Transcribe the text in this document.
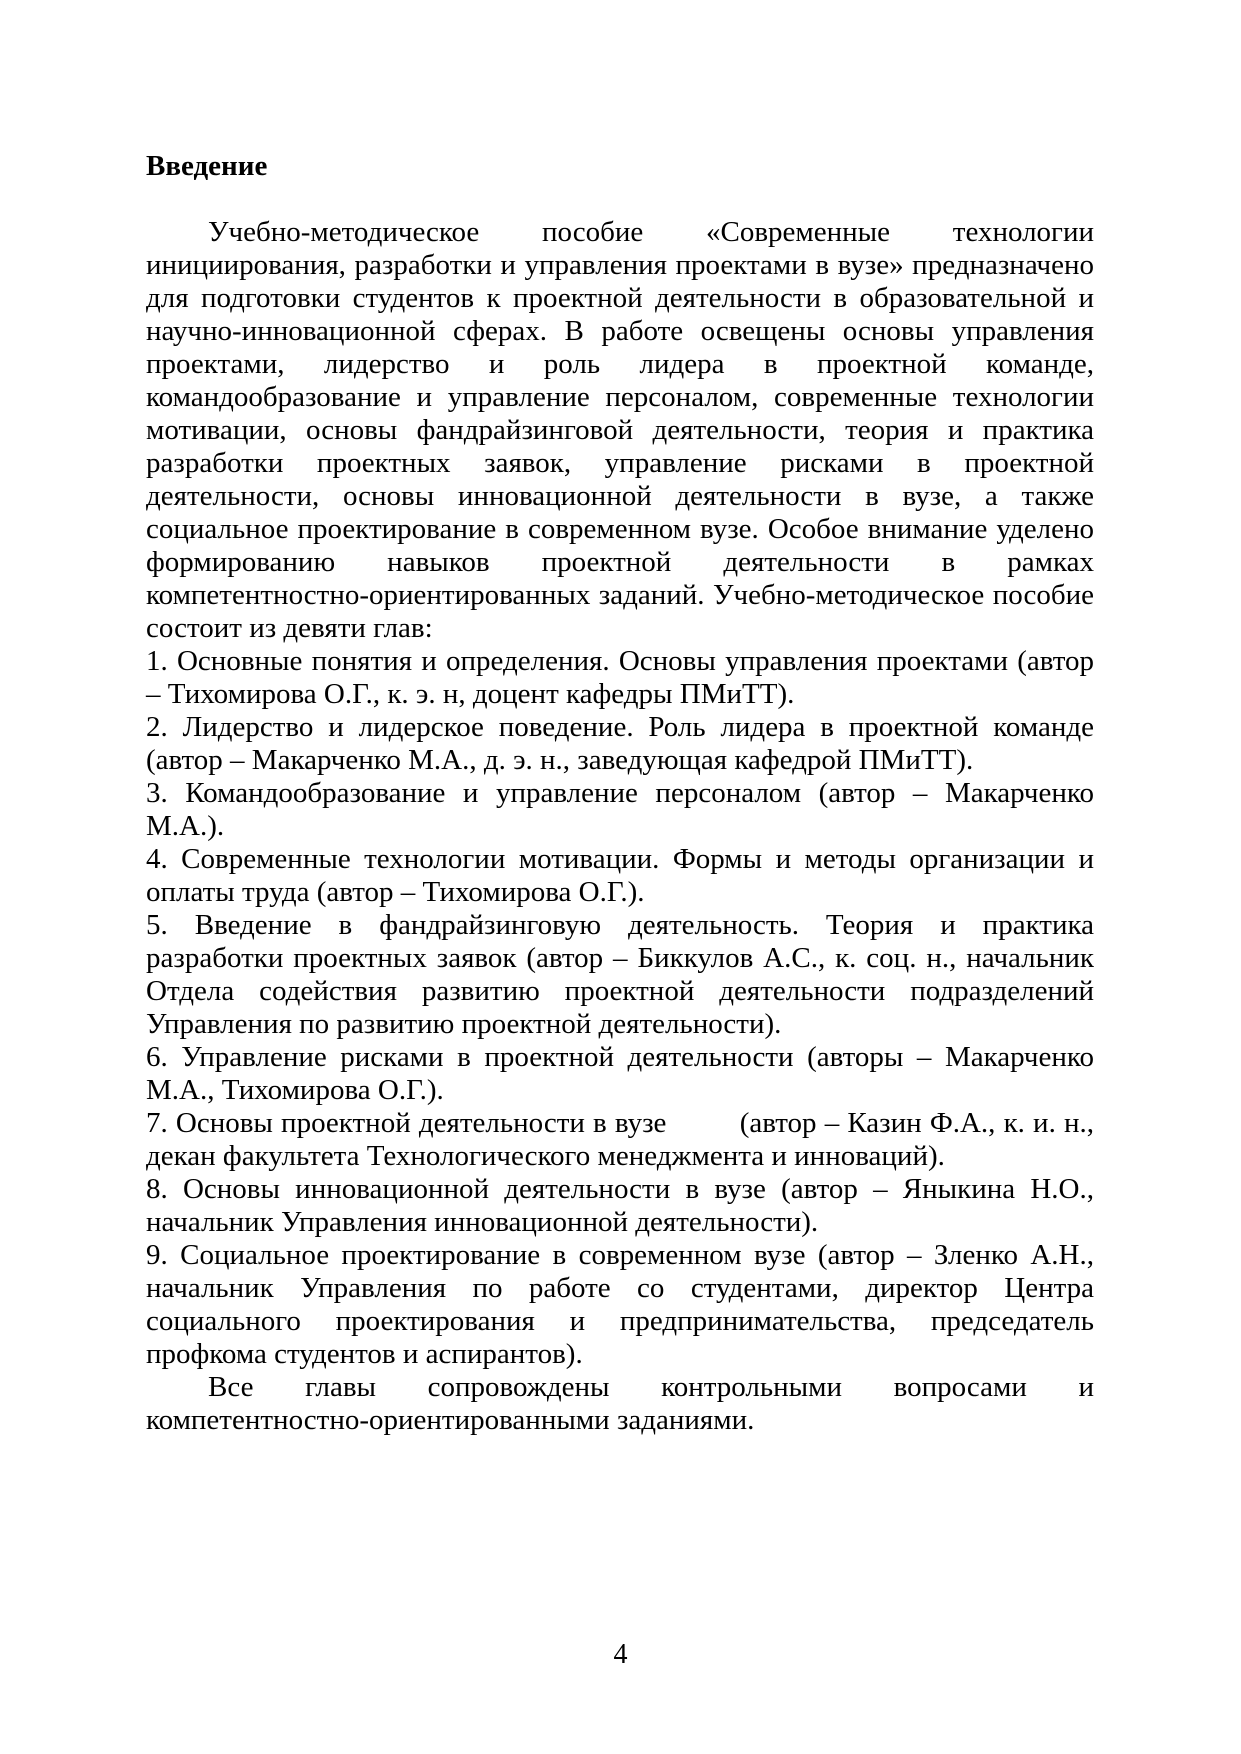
Введение

Учебно-методическое пособие «Современные технологии инициирования, разработки и управления проектами в вузе» предназначено для подготовки студентов к проектной деятельности в образовательной и научно-инновационной сферах. В работе освещены основы управления проектами, лидерство и роль лидера в проектной команде, командообразование и управление персоналом, современные технологии мотивации, основы фандрайзинговой деятельности, теория и практика разработки проектных заявок, управление рисками в проектной деятельности, основы инновационной деятельности в вузе, а также социальное проектирование в современном вузе. Особое внимание уделено формированию навыков проектной деятельности в рамках компетентностно-ориентированных заданий. Учебно-методическое пособие состоит из девяти глав:

1. Основные понятия и определения. Основы управления проектами (автор – Тихомирова О.Г., к. э. н, доцент кафедры ПМиТТ).

2. Лидерство и лидерское поведение. Роль лидера в проектной команде (автор – Макарченко М.А., д. э. н., заведующая кафедрой ПМиТТ).

3. Командообразование и управление персоналом (автор – Макарченко М.А.).

4. Современные технологии мотивации. Формы и методы организации и оплаты труда (автор – Тихомирова О.Г.).

5. Введение в фандрайзинговую деятельность. Теория и практика разработки проектных заявок (автор – Биккулов А.С., к. соц. н., начальник Отдела содействия развитию проектной деятельности подразделений Управления по развитию проектной деятельности).

6. Управление рисками в проектной деятельности (авторы – Макарченко М.А., Тихомирова О.Г.).

7. Основы проектной деятельности в вузе         (автор – Казин Ф.А., к. и. н., декан факультета Технологического менеджмента и инноваций).

8. Основы инновационной деятельности в вузе (автор – Яныкина Н.О., начальник Управления инновационной деятельности).

9. Социальное проектирование в современном вузе (автор – Зленко А.Н., начальник Управления по работе со студентами, директор Центра социального проектирования и предпринимательства, председатель профкома студентов и аспирантов).

Все главы сопровождены контрольными вопросами и компетентностно-ориентированными заданиями.

4
